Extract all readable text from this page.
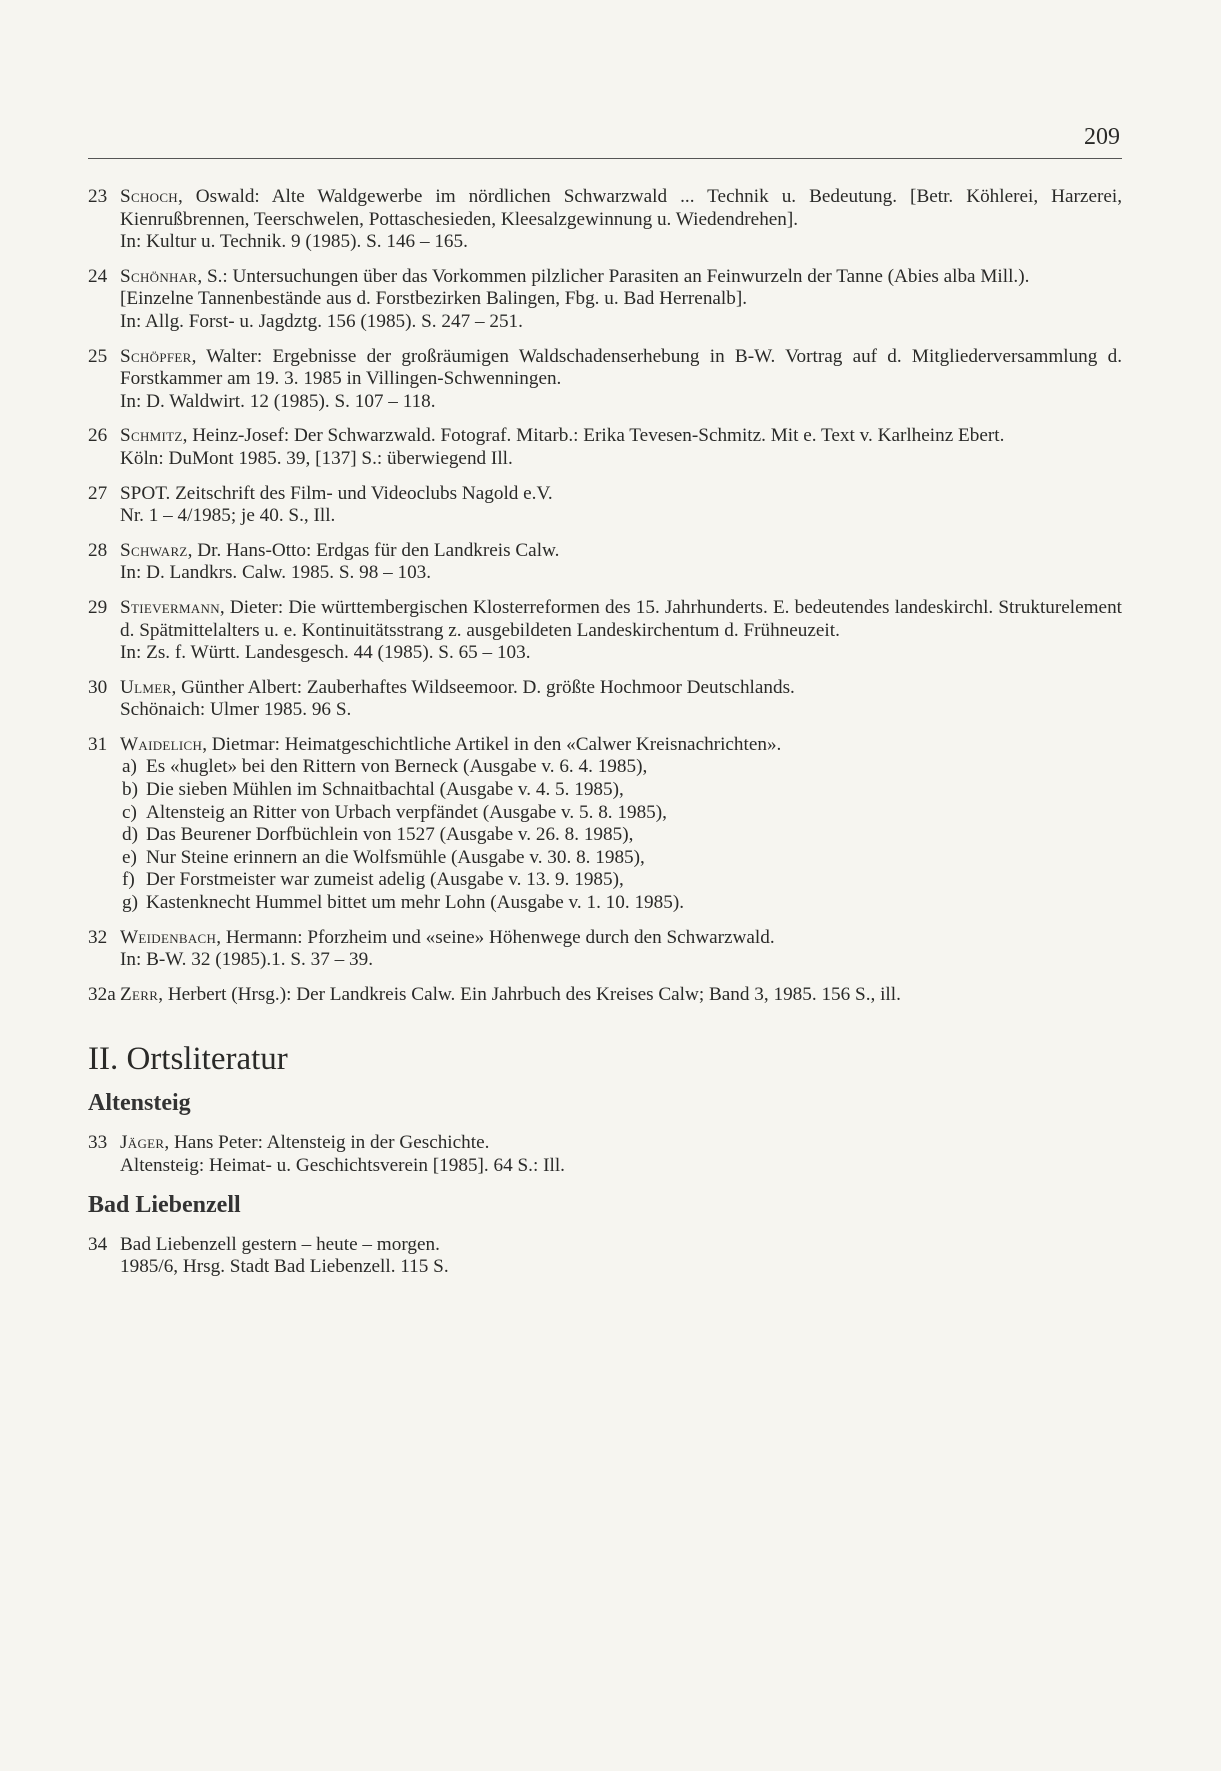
209
23 Schoch, Oswald: Alte Waldgewerbe im nördlichen Schwarzwald ... Technik u. Bedeutung. [Betr. Köhlerei, Harzerei, Kienrußbrennen, Teerschwelen, Pottaschesieden, Kleesalzgewinnung u. Wiedendrehen].
In: Kultur u. Technik. 9 (1985). S. 146 – 165.
24 Schönhar, S.: Untersuchungen über das Vorkommen pilzlicher Parasiten an Feinwurzeln der Tanne (Abies alba Mill.).
[Einzelne Tannenbestände aus d. Forstbezirken Balingen, Fbg. u. Bad Herrenalb].
In: Allg. Forst- u. Jagdztg. 156 (1985). S. 247 – 251.
25 Schöpfer, Walter: Ergebnisse der großräumigen Waldschadenserhebung in B-W. Vortrag auf d. Mitgliederversammlung d. Forstkammer am 19. 3. 1985 in Villingen-Schwenningen.
In: D. Waldwirt. 12 (1985). S. 107 – 118.
26 Schmitz, Heinz-Josef: Der Schwarzwald. Fotograf. Mitarb.: Erika Tevesen-Schmitz. Mit e. Text v. Karlheinz Ebert.
Köln: DuMont 1985. 39, [137] S.: überwiegend Ill.
27 SPOT. Zeitschrift des Film- und Videoclubs Nagold e.V.
Nr. 1 – 4/1985; je 40. S., Ill.
28 Schwarz, Dr. Hans-Otto: Erdgas für den Landkreis Calw.
In: D. Landkrs. Calw. 1985. S. 98 – 103.
29 Stievermann, Dieter: Die württembergischen Klosterreformen des 15. Jahrhunderts. E. bedeutendes landeskirchl. Strukturelement d. Spätmittelalters u. e. Kontinuitätsstrang z. ausgebildeten Landeskirchentum d. Frühneuzeit.
In: Zs. f. Württ. Landesgesch. 44 (1985). S. 65 – 103.
30 Ulmer, Günther Albert: Zauberhaftes Wildseemoor. D. größte Hochmoor Deutschlands.
Schönaich: Ulmer 1985. 96 S.
31 Waidelich, Dietmar: Heimatgeschichtliche Artikel in den «Calwer Kreisnachrichten».
a) Es «huglet» bei den Rittern von Berneck (Ausgabe v. 6. 4. 1985),
b) Die sieben Mühlen im Schnaitbachtal (Ausgabe v. 4. 5. 1985),
c) Altensteig an Ritter von Urbach verpfändet (Ausgabe v. 5. 8. 1985),
d) Das Beurener Dorfbüchlein von 1527 (Ausgabe v. 26. 8. 1985),
e) Nur Steine erinnern an die Wolfsmühle (Ausgabe v. 30. 8. 1985),
f) Der Forstmeister war zumeist adelig (Ausgabe v. 13. 9. 1985),
g) Kastenknecht Hummel bittet um mehr Lohn (Ausgabe v. 1. 10. 1985).
32 Weidenbach, Hermann: Pforzheim und «seine» Höhenwege durch den Schwarzwald.
In: B-W. 32 (1985).1. S. 37 – 39.
32a Zerr, Herbert (Hrsg.): Der Landkreis Calw. Ein Jahrbuch des Kreises Calw; Band 3, 1985. 156 S., ill.
II. Ortsliteratur
Altensteig
33 Jäger, Hans Peter: Altensteig in der Geschichte.
Altensteig: Heimat- u. Geschichtsverein [1985]. 64 S.: Ill.
Bad Liebenzell
34 Bad Liebenzell gestern – heute – morgen.
1985/6, Hrsg. Stadt Bad Liebenzell. 115 S.
